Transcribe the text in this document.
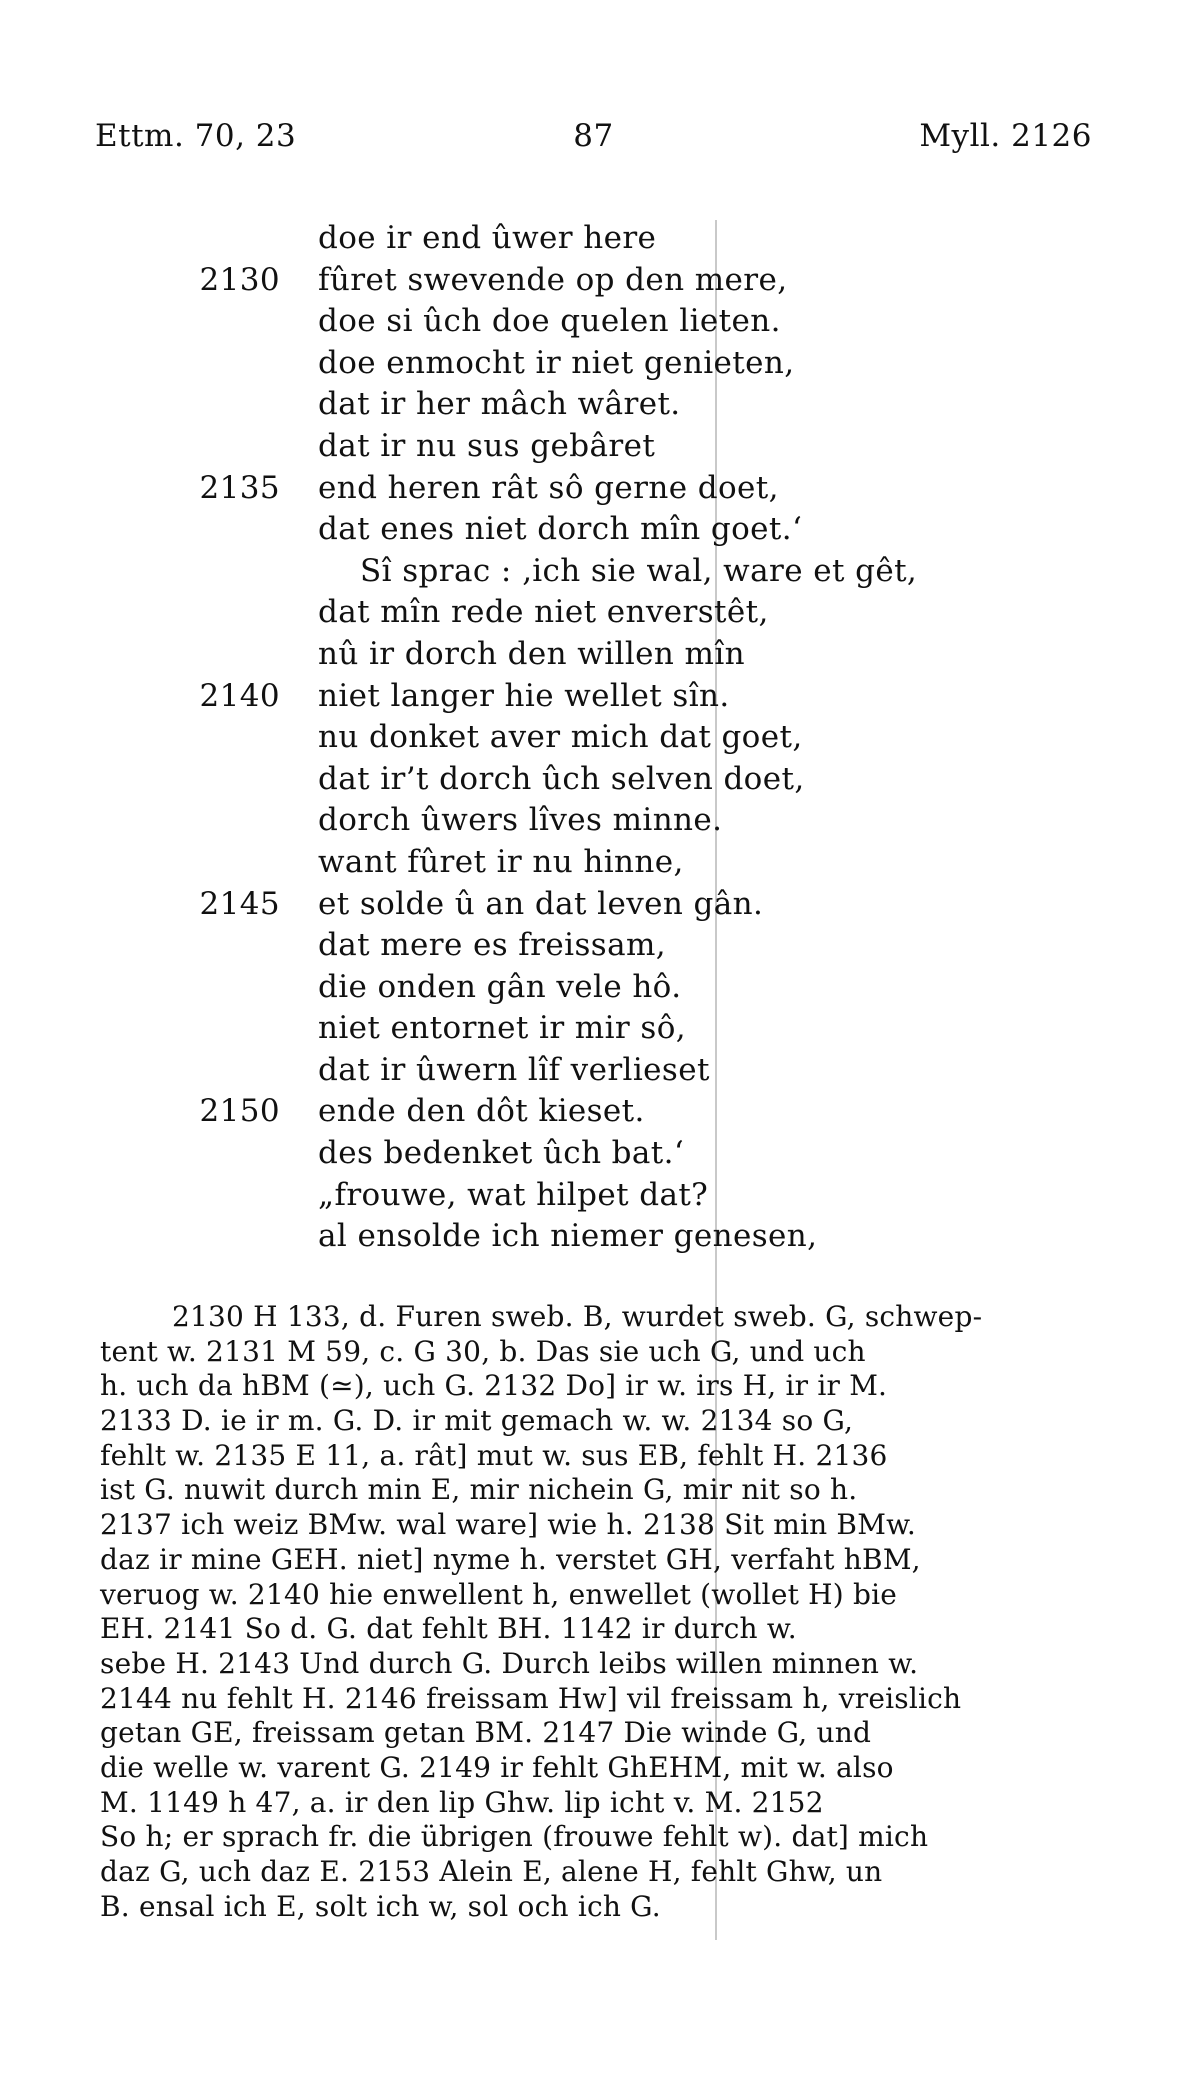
Ettm. 70, 23	87	Myll. 2126
doe ir end ûwer here
2130 fûret swevende op den mere,
doe si ûch doe quelen lieten.
doe enmocht ir niet genieten,
dat ir her mâch wâret.
dat ir nu sus gebâret
2135 end heren rât sô gerne doet,
dat enes niet dorch mîn goet.‘
Sî sprac : ‚ich sie wal, ware et gêt,
dat mîn rede niet enverstêt,
nû ir dorch den willen mîn
2140 niet langer hie wellet sîn.
nu donket aver mich dat goet,
dat ir’t dorch ûch selven doet,
dorch ûwers lîves minne.
want fûret ir nu hinne,
2145 et solde û an dat leven gân.
dat mere es freissam,
die onden gân vele hô.
niet entornet ir mir sô,
dat ir ûwern lîf verlieset
2150 ende den dôt kieset.
des bedenket ûch bat.‘
„frouwe, wat hilpet dat?
al ensolde ich niemer genesen,
2130 H 133, d. Furen sweb. B, wurdet sweb. G, schwep-
tent w. 2131 M 59, c. G 30, b. Das sie uch G, und uch
h. uch da hBM (≃), uch G. 2132 Do] ir w. irs H, ir ir M.
2133 D. ie ir m. G. D. ir mit gemach w. w. 2134 so G,
fehlt w. 2135 E 11, a. rât] mut w. sus EB, fehlt H. 2136
ist G. nuwit durch min E, mir nichein G, mir nit so h.
2137 ich weiz BMw. wal ware] wie h. 2138 Sit min BMw.
daz ir mine GEH. niet] nyme h. verstet GH, verfaht hBM,
veruog w. 2140 hie enwellent h, enwellet (wollet H) bie
EH. 2141 So d. G. dat fehlt BH. 1142 ir durch w.
sebe H. 2143 Und durch G. Durch leibs willen minnen w.
2144 nu fehlt H. 2146 freissam Hw] vil freissam h, vreislich
getan GE, freissam getan BM. 2147 Die winde G, und
die welle w. varent G. 2149 ir fehlt GhEHM, mit w. also
M. 1149 h 47, a. ir den lip Ghw. lip icht v. M. 2152
So h; er sprach fr. die übrigen (frouwe fehlt w). dat] mich
daz G, uch daz E. 2153 Alein E, alene H, fehlt Ghw, un
B. ensal ich E, solt ich w, sol och ich G.
